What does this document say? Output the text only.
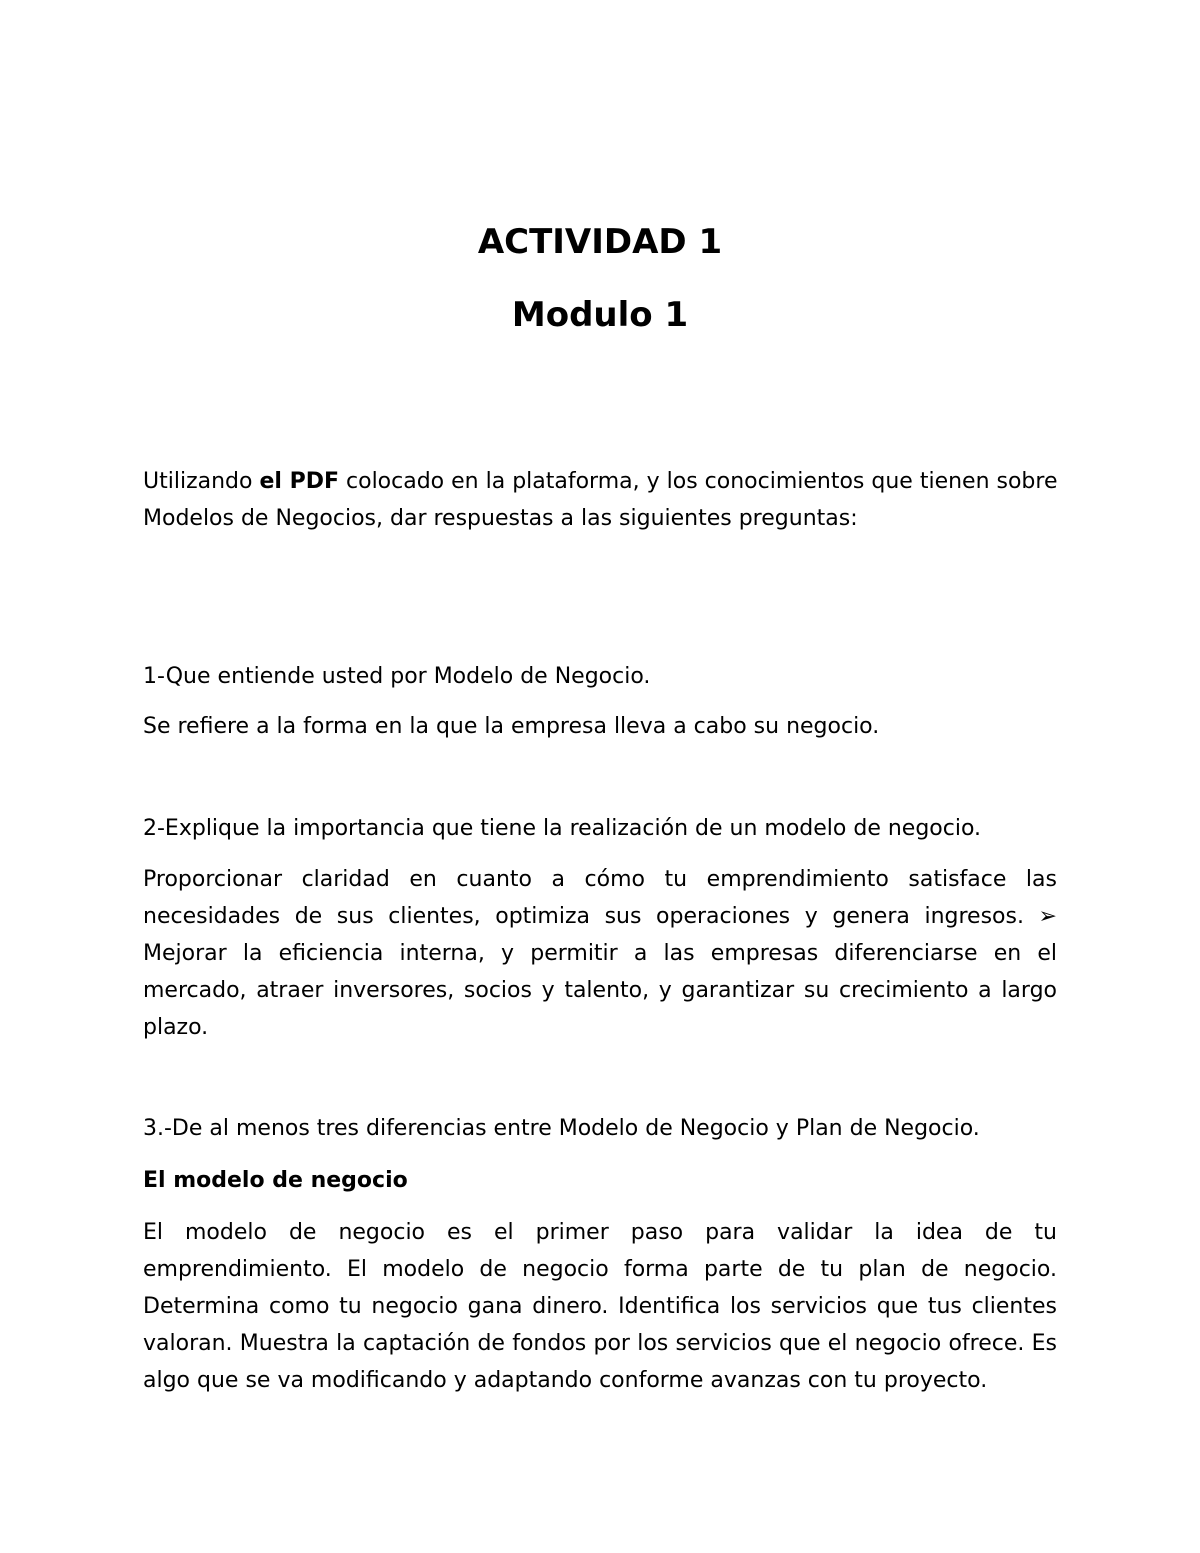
ACTIVIDAD 1
Modulo 1

Utilizando el PDF colocado en la plataforma, y los conocimientos que tienen sobre

Modelos de Negocios, dar respuestas a las siguientes preguntas:

1-Que entiende usted por Modelo de Negocio.

Se refiere a la forma en la que la empresa lleva a cabo su negocio.

2-Explique la importancia que tiene la realización de un modelo de negocio.

Proporcionar claridad en cuanto a cómo tu emprendimiento satisface las necesidades de sus clientes, optimiza sus operaciones y genera ingresos. ➢ Mejorar la eficiencia interna, y permitir a las empresas diferenciarse en el mercado, atraer inversores, socios y talento, y garantizar su crecimiento a largo plazo.

3.-De al menos tres diferencias entre Modelo de Negocio y Plan de Negocio.

El modelo de negocio

El modelo de negocio es el primer paso para validar la idea de tu emprendimiento. El modelo de negocio forma parte de tu plan de negocio. Determina como tu negocio gana dinero. Identifica los servicios que tus clientes valoran. Muestra la captación de fondos por los servicios que el negocio ofrece. Es algo que se va modificando y adaptando conforme avanzas con tu proyecto.
